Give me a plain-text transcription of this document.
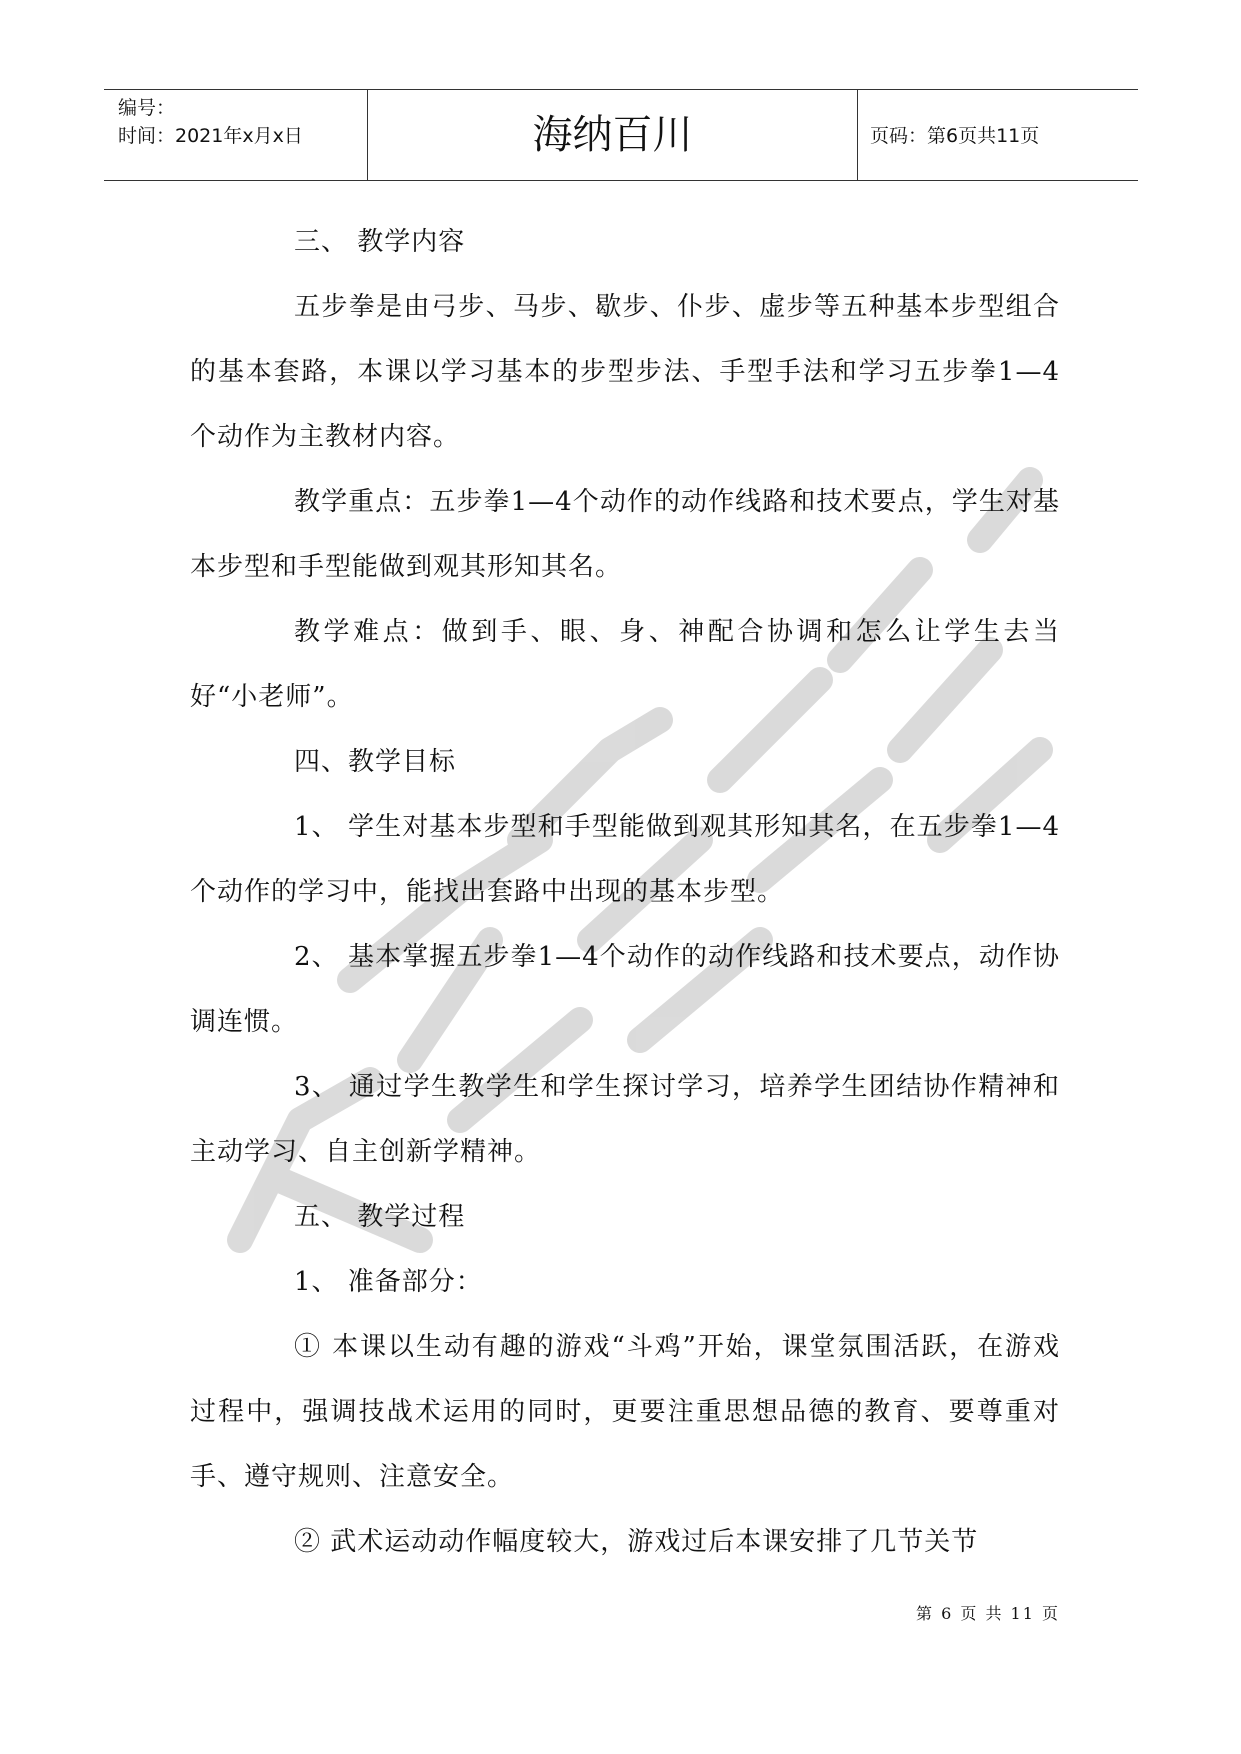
编号：
时间：2021年x月x日	海纳百川	页码：第6页共11页

三、 教学内容

五步拳是由弓步、马步、歇步、仆步、虚步等五种基本步型组合的基本套路，本课以学习基本的步型步法、手型手法和学习五步拳1—4个动作为主教材内容。

教学重点：五步拳1—4个动作的动作线路和技术要点，学生对基本步型和手型能做到观其形知其名。

教学难点：做到手、眼、身、神配合协调和怎么让学生去当好“小老师”。

四、教学目标

1、 学生对基本步型和手型能做到观其形知其名，在五步拳1—4个动作的学习中，能找出套路中出现的基本步型。

2、 基本掌握五步拳1—4个动作的动作线路和技术要点，动作协调连惯。

3、 通过学生教学生和学生探讨学习，培养学生团结协作精神和主动学习、自主创新学精神。

五、 教学过程

1、 准备部分：

① 本课以生动有趣的游戏“斗鸡”开始，课堂氛围活跃，在游戏过程中，强调技战术运用的同时，更要注重思想品德的教育、要尊重对手、遵守规则、注意安全。

② 武术运动动作幅度较大，游戏过后本课安排了几节关节

第 6 页 共 11 页
